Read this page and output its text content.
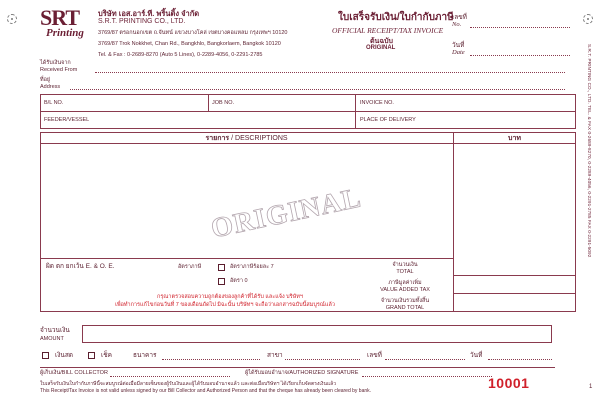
S.R.T. PRINTING CO., LTD. TEL. & FAX 0-2689-8270, 0-2289-4056, 0-2291-2785 FAX 0-2291-5092
SRT
Printing
บริษัท เอส.อาร์.ที. พริ้นติ้ง จำกัด
S.R.T. PRINTING CO., LTD.
3769/87 ตรอกนอกเขต ถ.จันทน์ แขวงบางโคล่ เขตบางคอแหลม กรุงเทพฯ 10120
3769/87 Trok Nokkhet, Chan Rd., Bangkhlo, Bangkorlaem, Bangkok 10120
Tel. & Fax : 0-2689-8270 (Auto 5 Lines), 0-2289-4056, 0-2291-2785
ใบเสร็จรับเงิน/ใบกำกับภาษี
OFFICIAL RECEIPT/TAX INVOICE
ต้นฉบับ
ORIGINAL
เลขที่
No.
วันที่
Date
ได้รับเงินจาก
Received From
ที่อยู่
Address
B/L NO.	JOB NO.	INVOICE NO.
FEEDER/VESSEL	PLACE OF DELIVERY
รายการ / DESCRIPTIONS	บาท
ORIGINAL
ผิด ตก ยกเว้น E. & O. E.	อัตราภาษี	อัตราภาษีร้อยละ 7
อัตรา 0
กรุณาตรวจสอบความถูกต้องของลูกค้าที่ได้รับ และแจ้ง บริษัทฯ
เพื่อทำการแก้ไขก่อนวันที่ 7 ของเดือนถัดไป มิฉะนั้น บริษัทฯ จะถือว่าเอกสารฉบับนี้สมบูรณ์แล้ว
จำนวนเงิน
TOTAL
ภาษีมูลค่าเพิ่ม
VALUE ADDED TAX
จำนวนเงินรวมทั้งสิ้น
GRAND TOTAL
จำนวนเงิน
AMOUNT
เงินสด	เช็ค	ธนาคาร	สาขา	เลขที่	วันที่
ผู้เก็บเงิน/BILL COLLECTOR	ผู้ได้รับมอบอำนาจ/AUTHORIZED SIGNATURE
ใบเสร็จรับเงินใบกำกับภาษีนี้จะสมบูรณ์ต่อเมื่อมีลายเซ็นของผู้รับเงินและผู้ได้รับมอบอำนาจแล้ว และต่อเมื่อบริษัทฯ ได้เรียกเก็บจัดตรงเงินแล้ว
This Receipt/Tax Invoice is not valid unless signed by our Bill Collector and Authorized Person and that the cheque has already been cleared by bank.	10001	1
